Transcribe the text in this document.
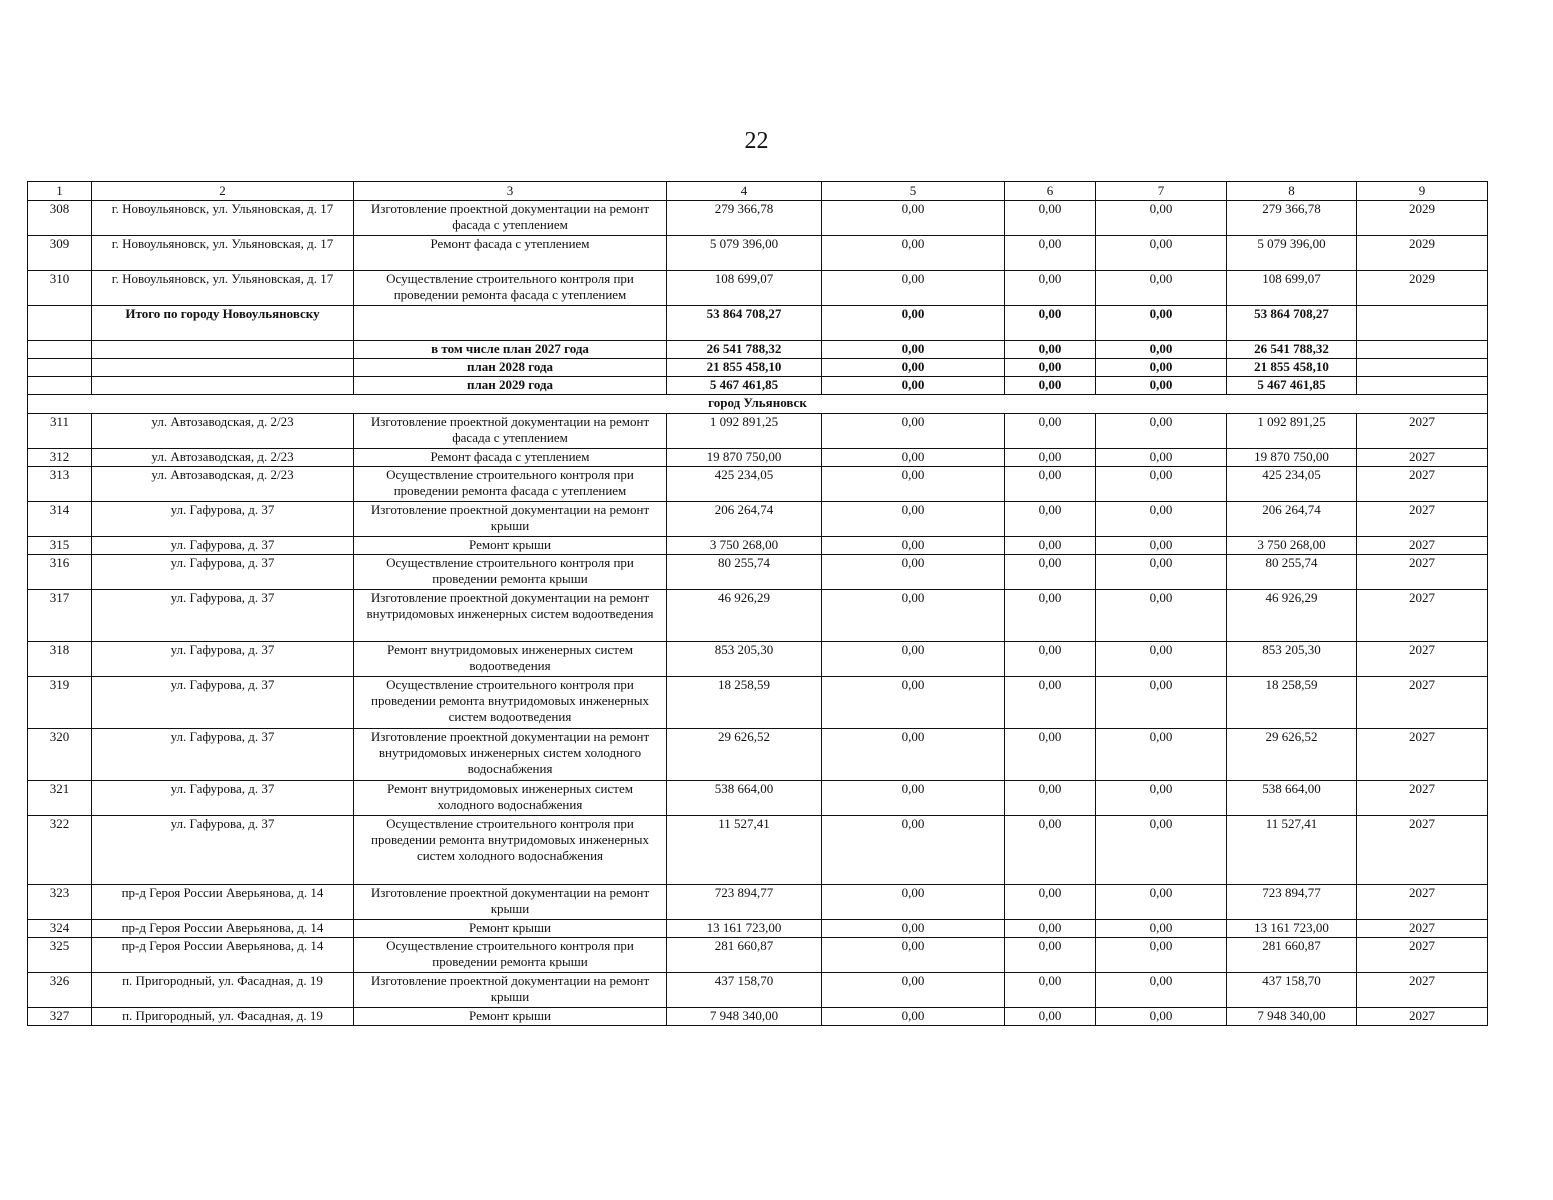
22
1	2	3	4	5	6	7	8	9
308	г. Новоульяновск, ул. Ульяновская, д. 17	Изготовление проектной документации на ремонт фасада с утеплением	279 366,78	0,00	0,00	0,00	279 366,78	2029
309	г. Новоульяновск, ул. Ульяновская, д. 17	Ремонт фасада с утеплением	5 079 396,00	0,00	0,00	0,00	5 079 396,00	2029
310	г. Новоульяновск, ул. Ульяновская, д. 17	Осуществление строительного контроля при проведении ремонта фасада с утеплением	108 699,07	0,00	0,00	0,00	108 699,07	2029
	Итого по городу Новоульяновску		53 864 708,27	0,00	0,00	0,00	53 864 708,27	
		в том числе план 2027 года	26 541 788,32	0,00	0,00	0,00	26 541 788,32	
		план 2028 года	21 855 458,10	0,00	0,00	0,00	21 855 458,10	
		план 2029 года	5 467 461,85	0,00	0,00	0,00	5 467 461,85	
город Ульяновск								
311	ул. Автозаводская, д. 2/23	Изготовление проектной документации на ремонт фасада с утеплением	1 092 891,25	0,00	0,00	0,00	1 092 891,25	2027
312	ул. Автозаводская, д. 2/23	Ремонт фасада с утеплением	19 870 750,00	0,00	0,00	0,00	19 870 750,00	2027
313	ул. Автозаводская, д. 2/23	Осуществление строительного контроля при проведении ремонта фасада с утеплением	425 234,05	0,00	0,00	0,00	425 234,05	2027
314	ул. Гафурова, д. 37	Изготовление проектной документации на ремонт крыши	206 264,74	0,00	0,00	0,00	206 264,74	2027
315	ул. Гафурова, д. 37	Ремонт крыши	3 750 268,00	0,00	0,00	0,00	3 750 268,00	2027
316	ул. Гафурова, д. 37	Осуществление строительного контроля при проведении ремонта крыши	80 255,74	0,00	0,00	0,00	80 255,74	2027
317	ул. Гафурова, д. 37	Изготовление проектной документации на ремонт внутридомовых инженерных систем водоотведения	46 926,29	0,00	0,00	0,00	46 926,29	2027
318	ул. Гафурова, д. 37	Ремонт внутридомовых инженерных систем водоотведения	853 205,30	0,00	0,00	0,00	853 205,30	2027
319	ул. Гафурова, д. 37	Осуществление строительного контроля при проведении ремонта внутридомовых инженерных систем водоотведения	18 258,59	0,00	0,00	0,00	18 258,59	2027
320	ул. Гафурова, д. 37	Изготовление проектной документации на ремонт внутридомовых инженерных систем холодного водоснабжения	29 626,52	0,00	0,00	0,00	29 626,52	2027
321	ул. Гафурова, д. 37	Ремонт внутридомовых инженерных систем холодного водоснабжения	538 664,00	0,00	0,00	0,00	538 664,00	2027
322	ул. Гафурова, д. 37	Осуществление строительного контроля при проведении ремонта внутридомовых инженерных систем холодного водоснабжения	11 527,41	0,00	0,00	0,00	11 527,41	2027
323	пр-д Героя России Аверьянова, д. 14	Изготовление проектной документации на ремонт крыши	723 894,77	0,00	0,00	0,00	723 894,77	2027
324	пр-д Героя России Аверьянова, д. 14	Ремонт крыши	13 161 723,00	0,00	0,00	0,00	13 161 723,00	2027
325	пр-д Героя России Аверьянова, д. 14	Осуществление строительного контроля при проведении ремонта крыши	281 660,87	0,00	0,00	0,00	281 660,87	2027
326	п. Пригородный, ул. Фасадная, д. 19	Изготовление проектной документации на ремонт крыши	437 158,70	0,00	0,00	0,00	437 158,70	2027
327	п. Пригородный, ул. Фасадная, д. 19	Ремонт крыши	7 948 340,00	0,00	0,00	0,00	7 948 340,00	2027
